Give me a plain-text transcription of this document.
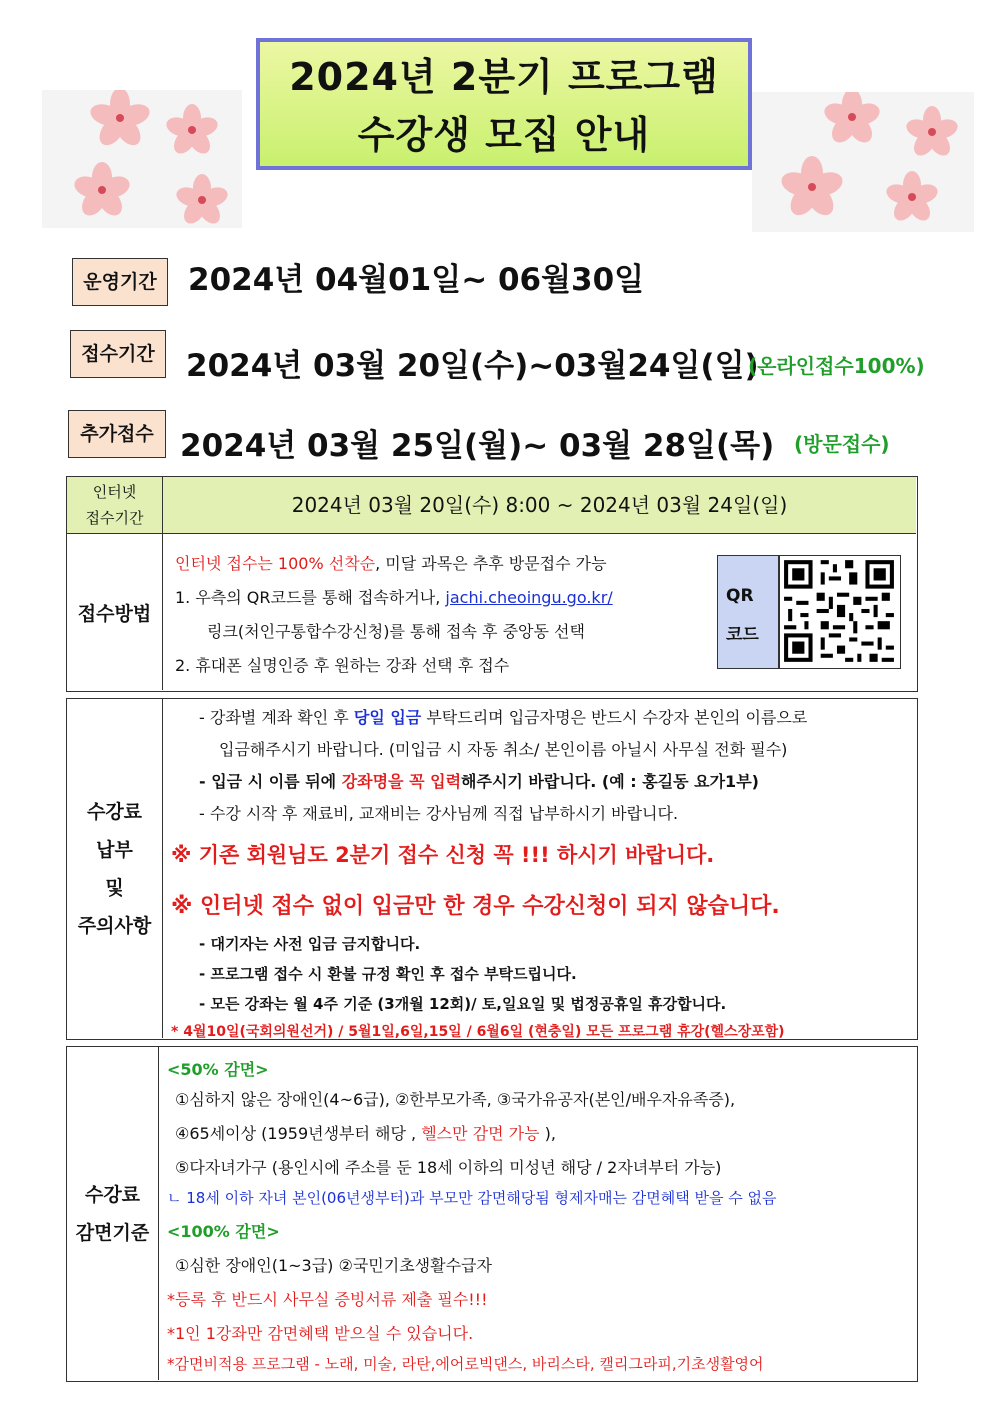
2024년 2분기 프로그램
수강생 모집 안내
운영기간	2024년 04월01일~ 06월30일
접수기간	2024년 03월 20일(수)~03월24일(일)
(온라인접수100%)
추가접수 2024년 03월 25일(월)~ 03월 28일(목) (방문접수)
인터넷
접수기간
2024년 03월 20일(수) 8:00 ~ 2024년 03월 24일(일)
접수방법
인터넷 접수는 100% 선착순, 미달 과목은 추후 방문접수 가능
1. 우측의 QR코드를 통해 접속하거나, jachi.cheoingu.go.kr/
링크(처인구통합수강신청)를 통해 접속 후 중앙동 선택
2. 휴대폰 실명인증 후 원하는 강좌 선택 후 접수
QR
코드
수강료
납부
및
주의사항
- 강좌별 계좌 확인 후 당일 입금 부탁드리며 입금자명은 반드시 수강자 본인의 이름으로
입금해주시기 바랍니다. (미입금 시 자동 취소/ 본인이름 아닐시 사무실 전화 필수)
- 입금 시 이름 뒤에 강좌명을 꼭 입력해주시기 바랍니다. (예 : 홍길동 요가1부)
- 수강 시작 후 재료비, 교재비는 강사님께 직접 납부하시기 바랍니다.
※ 기존 회원님도 2분기 접수 신청 꼭 !!! 하시기 바랍니다.
※ 인터넷 접수 없이 입금만 한 경우 수강신청이 되지 않습니다.
- 대기자는 사전 입금 금지합니다.
- 프로그램 접수 시 환불 규정 확인 후 접수 부탁드립니다.
- 모든 강좌는 월 4주 기준 (3개월 12회)/ 토,일요일 및 법정공휴일 휴강합니다.
* 4월10일(국회의원선거) / 5월1일,6일,15일 / 6월6일 (현충일) 모든 프로그램 휴강(헬스장포함)
수강료
감면기준
<50% 감면>
①심하지 않은 장애인(4~6급), ②한부모가족, ③국가유공자(본인/배우자유족증),
④65세이상 (1959년생부터 해당 , 헬스만 감면 가능 ),
⑤다자녀가구 (용인시에 주소를 둔 18세 이하의 미성년 해당 / 2자녀부터 가능)
ㄴ 18세 이하 자녀 본인(06년생부터)과 부모만 감면해당됨 형제자매는 감면혜택 받을 수 없음
<100% 감면>
①심한 장애인(1~3급) ②국민기초생활수급자
*등록 후 반드시 사무실 증빙서류 제출 필수!!!
*1인 1강좌만 감면혜택 받으실 수 있습니다.
*감면비적용 프로그램 - 노래, 미술, 라탄,에어로빅댄스, 바리스타, 캘리그라피,기초생활영어
